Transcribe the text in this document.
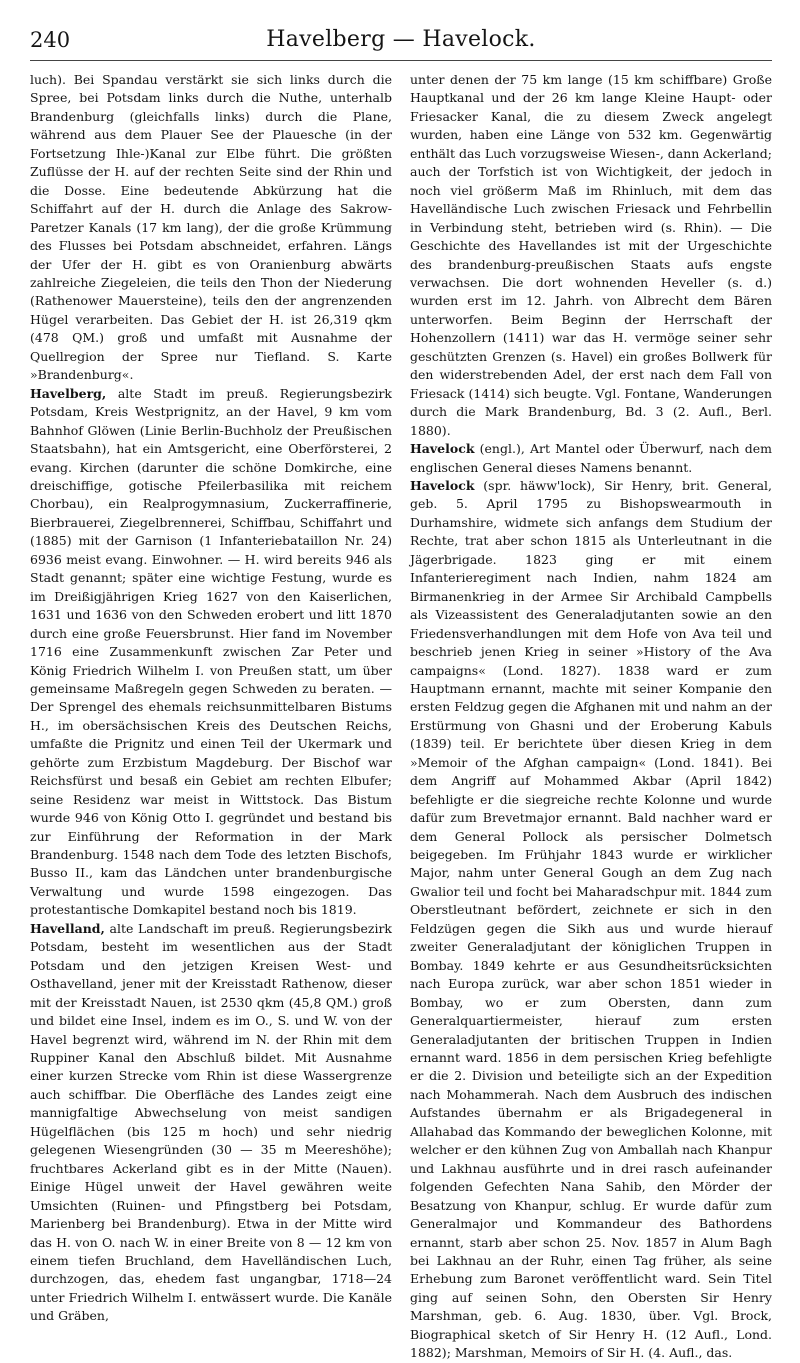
240	Havelberg — Havelock.

luch). Bei Spandau verstärkt sie sich links durch die Spree, bei Potsdam links durch die Nuthe, unterhalb Brandenburg (gleichfalls links) durch die Plane, während aus dem Plauer See der Plauesche (in der Fortsetzung Ihle-)Kanal zur Elbe führt. Die größten Zuflüsse der H. auf der rechten Seite sind der Rhin und die Dosse. Eine bedeutende Abkürzung hat die Schiffahrt auf der H. durch die Anlage des Sakrow-Paretzer Kanals (17 km lang), der die große Krümmung des Flusses bei Potsdam abschneidet, erfahren. Längs der Ufer der H. gibt es von Oranienburg abwärts zahlreiche Ziegeleien, die teils den Thon der Niederung (Rathenower Mauersteine), teils den der angrenzenden Hügel verarbeiten. Das Gebiet der H. ist 26,319 qkm (478 QM.) groß und umfaßt mit Ausnahme der Quellregion der Spree nur Tiefland. S. Karte »Brandenburg«.

Havelberg, alte Stadt im preuß. Regierungsbezirk Potsdam, Kreis Westprignitz, an der Havel, 9 km vom Bahnhof Glöwen (Linie Berlin-Buchholz der Preußischen Staatsbahn), hat ein Amtsgericht, eine Oberförsterei, 2 evang. Kirchen (darunter die schöne Domkirche, eine dreischiffige, gotische Pfeilerbasilika mit reichem Chorbau), ein Realprogymnasium, Zuckerraffinerie, Bierbrauerei, Ziegelbrennerei, Schiffbau, Schiffahrt und (1885) mit der Garnison (1 Infanteriebataillon Nr. 24) 6936 meist evang. Einwohner. — H. wird bereits 946 als Stadt genannt; später eine wichtige Festung, wurde es im Dreißigjährigen Krieg 1627 von den Kaiserlichen, 1631 und 1636 von den Schweden erobert und litt 1870 durch eine große Feuersbrunst. Hier fand im November 1716 eine Zusammenkunft zwischen Zar Peter und König Friedrich Wilhelm I. von Preußen statt, um über gemeinsame Maßregeln gegen Schweden zu beraten. — Der Sprengel des ehemals reichsunmittelbaren Bistums H., im obersächsischen Kreis des Deutschen Reichs, umfaßte die Prignitz und einen Teil der Ukermark und gehörte zum Erzbistum Magdeburg. Der Bischof war Reichsfürst und besaß ein Gebiet am rechten Elbufer; seine Residenz war meist in Wittstock. Das Bistum wurde 946 von König Otto I. gegründet und bestand bis zur Einführung der Reformation in der Mark Brandenburg. 1548 nach dem Tode des letzten Bischofs, Busso II., kam das Ländchen unter brandenburgische Verwaltung und wurde 1598 eingezogen. Das protestantische Domkapitel bestand noch bis 1819.

Havelland, alte Landschaft im preuß. Regierungsbezirk Potsdam, besteht im wesentlichen aus der Stadt Potsdam und den jetzigen Kreisen West- und Osthavelland, jener mit der Kreisstadt Rathenow, dieser mit der Kreisstadt Nauen, ist 2530 qkm (45,8 QM.) groß und bildet eine Insel, indem es im O., S. und W. von der Havel begrenzt wird, während im N. der Rhin mit dem Ruppiner Kanal den Abschluß bildet. Mit Ausnahme einer kurzen Strecke vom Rhin ist diese Wassergrenze auch schiffbar. Die Oberfläche des Landes zeigt eine mannigfaltige Abwechselung von meist sandigen Hügelflächen (bis 125 m hoch) und sehr niedrig gelegenen Wiesengründen (30 — 35 m Meereshöhe); fruchtbares Ackerland gibt es in der Mitte (Nauen). Einige Hügel unweit der Havel gewähren weite Umsichten (Ruinen- und Pfingstberg bei Potsdam, Marienberg bei Brandenburg). Etwa in der Mitte wird das H. von O. nach W. in einer Breite von 8 — 12 km von einem tiefen Bruchland, dem Havelländischen Luch, durchzogen, das, ehedem fast ungangbar, 1718—24 unter Friedrich Wilhelm I. entwässert wurde. Die Kanäle und Gräben,

unter denen der 75 km lange (15 km schiffbare) Große Hauptkanal und der 26 km lange Kleine Haupt- oder Friesacker Kanal, die zu diesem Zweck angelegt wurden, haben eine Länge von 532 km. Gegenwärtig enthält das Luch vorzugsweise Wiesen-, dann Ackerland; auch der Torfstich ist von Wichtigkeit, der jedoch in noch viel größerm Maß im Rhinluch, mit dem das Havelländische Luch zwischen Friesack und Fehrbellin in Verbindung steht, betrieben wird (s. Rhin). — Die Geschichte des Havellandes ist mit der Urgeschichte des brandenburg-preußischen Staats aufs engste verwachsen. Die dort wohnenden Heveller (s. d.) wurden erst im 12. Jahrh. von Albrecht dem Bären unterworfen. Beim Beginn der Herrschaft der Hohenzollern (1411) war das H. vermöge seiner sehr geschützten Grenzen (s. Havel) ein großes Bollwerk für den widerstrebenden Adel, der erst nach dem Fall von Friesack (1414) sich beugte. Vgl. Fontane, Wanderungen durch die Mark Brandenburg, Bd. 3 (2. Aufl., Berl. 1880).

Havelock (engl.), Art Mantel oder Überwurf, nach dem englischen General dieses Namens benannt.

Havelock (spr. häww'lock), Sir Henry, brit. General, geb. 5. April 1795 zu Bishopswearmouth in Durhamshire, widmete sich anfangs dem Studium der Rechte, trat aber schon 1815 als Unterleutnant in die Jägerbrigade. 1823 ging er mit einem Infanterieregiment nach Indien, nahm 1824 am Birmanenkrieg in der Armee Sir Archibald Campbells als Vizeassistent des Generaladjutanten sowie an den Friedensverhandlungen mit dem Hofe von Ava teil und beschrieb jenen Krieg in seiner »History of the Ava campaigns« (Lond. 1827). 1838 ward er zum Hauptmann ernannt, machte mit seiner Kompanie den ersten Feldzug gegen die Afghanen mit und nahm an der Erstürmung von Ghasni und der Eroberung Kabuls (1839) teil. Er berichtete über diesen Krieg in dem »Memoir of the Afghan campaign« (Lond. 1841). Bei dem Angriff auf Mohammed Akbar (April 1842) befehligte er die siegreiche rechte Kolonne und wurde dafür zum Brevetmajor ernannt. Bald nachher ward er dem General Pollock als persischer Dolmetsch beigegeben. Im Frühjahr 1843 wurde er wirklicher Major, nahm unter General Gough an dem Zug nach Gwalior teil und focht bei Maharadschpur mit. 1844 zum Oberstleutnant befördert, zeichnete er sich in den Feldzügen gegen die Sikh aus und wurde hierauf zweiter Generaladjutant der königlichen Truppen in Bombay. 1849 kehrte er aus Gesundheitsrücksichten nach Europa zurück, war aber schon 1851 wieder in Bombay, wo er zum Obersten, dann zum Generalquartiermeister, hierauf zum ersten Generaladjutanten der britischen Truppen in Indien ernannt ward. 1856 in dem persischen Krieg befehligte er die 2. Division und beteiligte sich an der Expedition nach Mohammerah. Nach dem Ausbruch des indischen Aufstandes übernahm er als Brigadegeneral in Allahabad das Kommando der beweglichen Kolonne, mit welcher er den kühnen Zug von Amballah nach Khanpur und Lakhnau ausführte und in drei rasch aufeinander folgenden Gefechten Nana Sahib, den Mörder der Besatzung von Khanpur, schlug. Er wurde dafür zum Generalmajor und Kommandeur des Bathordens ernannt, starb aber schon 25. Nov. 1857 in Alum Bagh bei Lakhnau an der Ruhr, einen Tag früher, als seine Erhebung zum Baronet veröffentlicht ward. Sein Titel ging auf seinen Sohn, den Obersten Sir Henry Marshman, geb. 6. Aug. 1830, über. Vgl. Brock, Biographical sketch of Sir Henry H. (12 Aufl., Lond. 1882); Marshman, Memoirs of Sir H. (4. Aufl., das.
